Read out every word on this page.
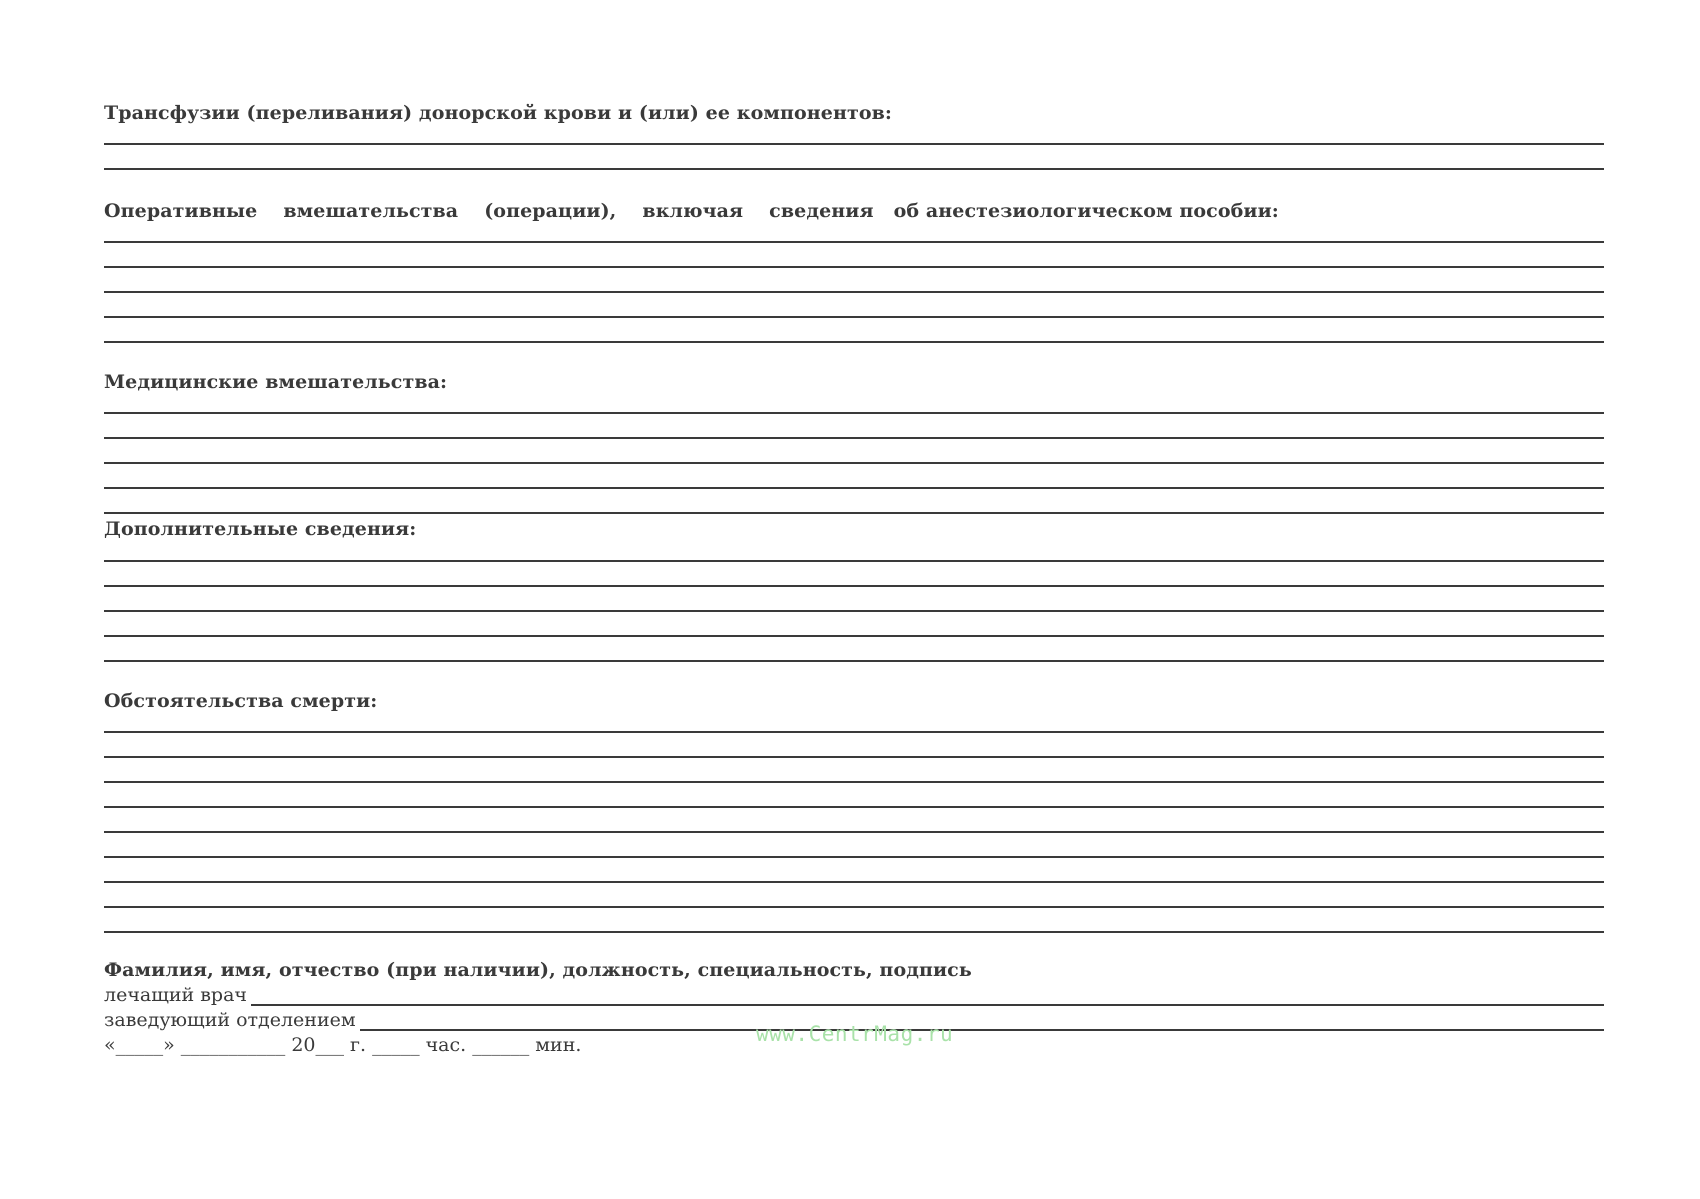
Трансфузии (переливания) донорской крови и (или) ее компонентов:
Оперативные вмешательства (операции), включая сведения об анестезиологическом пособии:
Медицинские вмешательства:
Дополнительные сведения:
Обстоятельства смерти:
Фамилия, имя, отчество (при наличии), должность, специальность, подпись
лечащий врач
заведующий отделением
«_____» ___________ 20___ г. _____ час. ______ мин.	www.CentrMag.ru
